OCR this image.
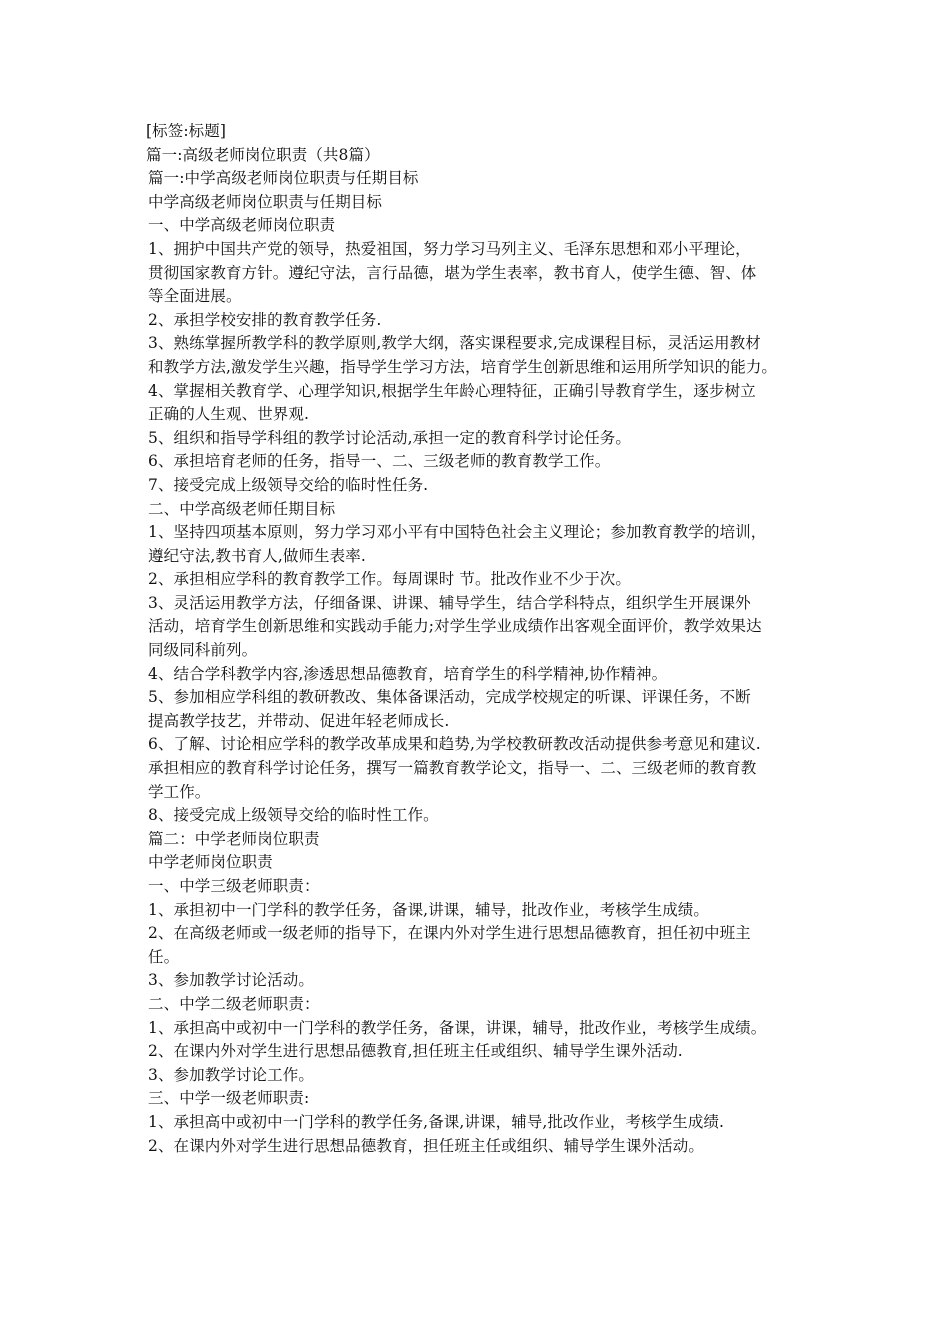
[标签:标题]
篇一:高级老师岗位职责（共8篇）
篇一:中学高级老师岗位职责与任期目标
中学高级老师岗位职责与任期目标
一、中学高级老师岗位职责
1、拥护中国共产党的领导，热爱祖国，努力学习马列主义、毛泽东思想和邓小平理论，
贯彻国家教育方针。遵纪守法，言行品德，堪为学生表率，教书育人，使学生德、智、体
等全面进展。
2、承担学校安排的教育教学任务.
3、熟练掌握所教学科的教学原则,教学大纲，落实课程要求,完成课程目标，灵活运用教材
和教学方法,激发学生兴趣，指导学生学习方法，培育学生创新思维和运用所学知识的能力。
4、掌握相关教育学、心理学知识,根据学生年龄心理特征，正确引导教育学生，逐步树立
正确的人生观、世界观.
5、组织和指导学科组的教学讨论活动,承担一定的教育科学讨论任务。
6、承担培育老师的任务，指导一、二、三级老师的教育教学工作。
7、接受完成上级领导交给的临时性任务.
二、中学高级老师任期目标
1、坚持四项基本原则，努力学习邓小平有中国特色社会主义理论；参加教育教学的培训，
遵纪守法,教书育人,做师生表率.
2、承担相应学科的教育教学工作。每周课时 节。批改作业不少于次。
3、灵活运用教学方法，仔细备课、讲课、辅导学生，结合学科特点，组织学生开展课外
活动，培育学生创新思维和实践动手能力;对学生学业成绩作出客观全面评价，教学效果达
同级同科前列。
4、结合学科教学内容,渗透思想品德教育，培育学生的科学精神,协作精神。
5、参加相应学科组的教研教改、集体备课活动，完成学校规定的听课、评课任务，不断
提高教学技艺，并带动、促进年轻老师成长.
6、了解、讨论相应学科的教学改革成果和趋势,为学校教研教改活动提供参考意见和建议.
承担相应的教育科学讨论任务，撰写一篇教育教学论文，指导一、二、三级老师的教育教
学工作。
8、接受完成上级领导交给的临时性工作。
篇二：中学老师岗位职责
中学老师岗位职责
一、中学三级老师职责：
1、承担初中一门学科的教学任务，备课,讲课，辅导，批改作业，考核学生成绩。
2、在高级老师或一级老师的指导下，在课内外对学生进行思想品德教育，担任初中班主
任。
3、参加教学讨论活动。
二、中学二级老师职责：
1、承担高中或初中一门学科的教学任务，备课，讲课，辅导，批改作业，考核学生成绩。
2、在课内外对学生进行思想品德教育,担任班主任或组织、辅导学生课外活动.
3、参加教学讨论工作。
三、中学一级老师职责:
1、承担高中或初中一门学科的教学任务,备课,讲课，辅导,批改作业，考核学生成绩.
2、在课内外对学生进行思想品德教育，担任班主任或组织、辅导学生课外活动。
